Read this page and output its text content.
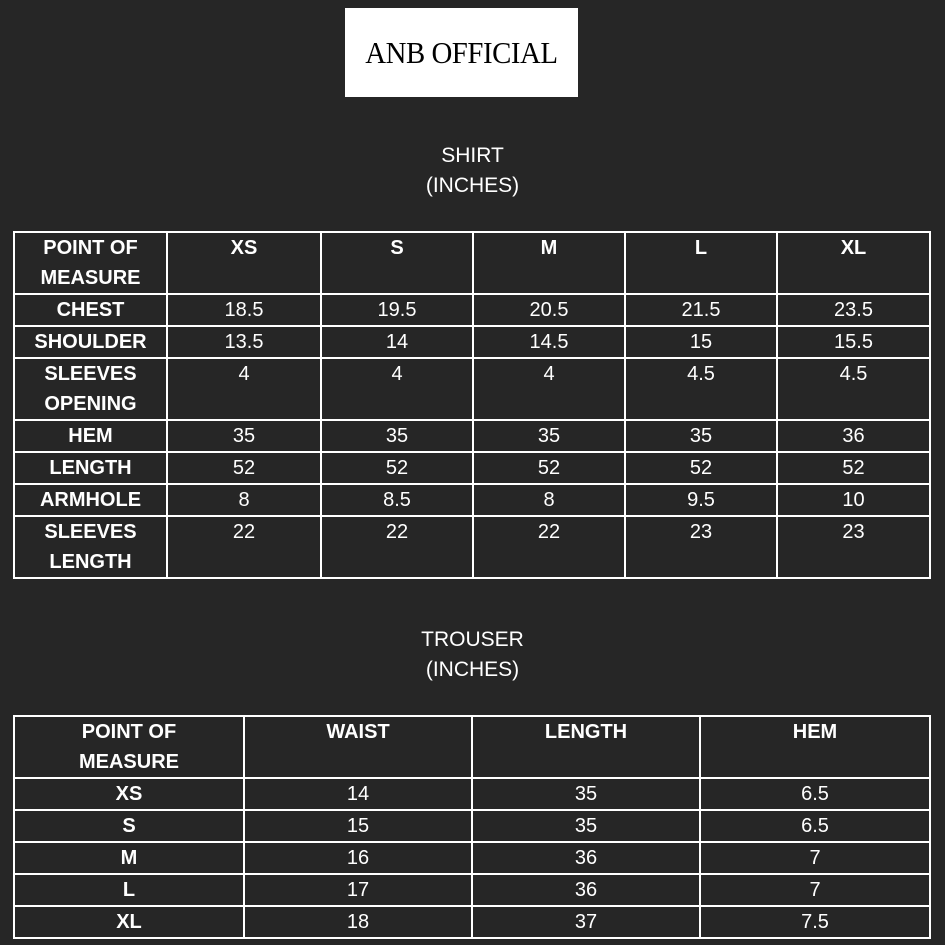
ANB OFFICIAL
SHIRT
(INCHES)
POINT OF
MEASURE	XS	S	M	L	XL
CHEST	18.5	19.5	20.5	21.5	23.5
SHOULDER	13.5	14	14.5	15	15.5

SLEEVES
OPENING	4	4	4	4.5	4.5
HEM	35	35	35	35	36
LENGTH	52	52	52	52	52
ARMHOLE	8	8.5	8	9.5	10

SLEEVES
LENGTH	22	22	22	23	23
TROUSER
(INCHES)
POINT OF
MEASURE	WAIST	LENGTH	HEM
XS	14	35	6.5
S	15	35	6.5
M	16	36	7
L	17	36	7
XL	18	37	7.5
